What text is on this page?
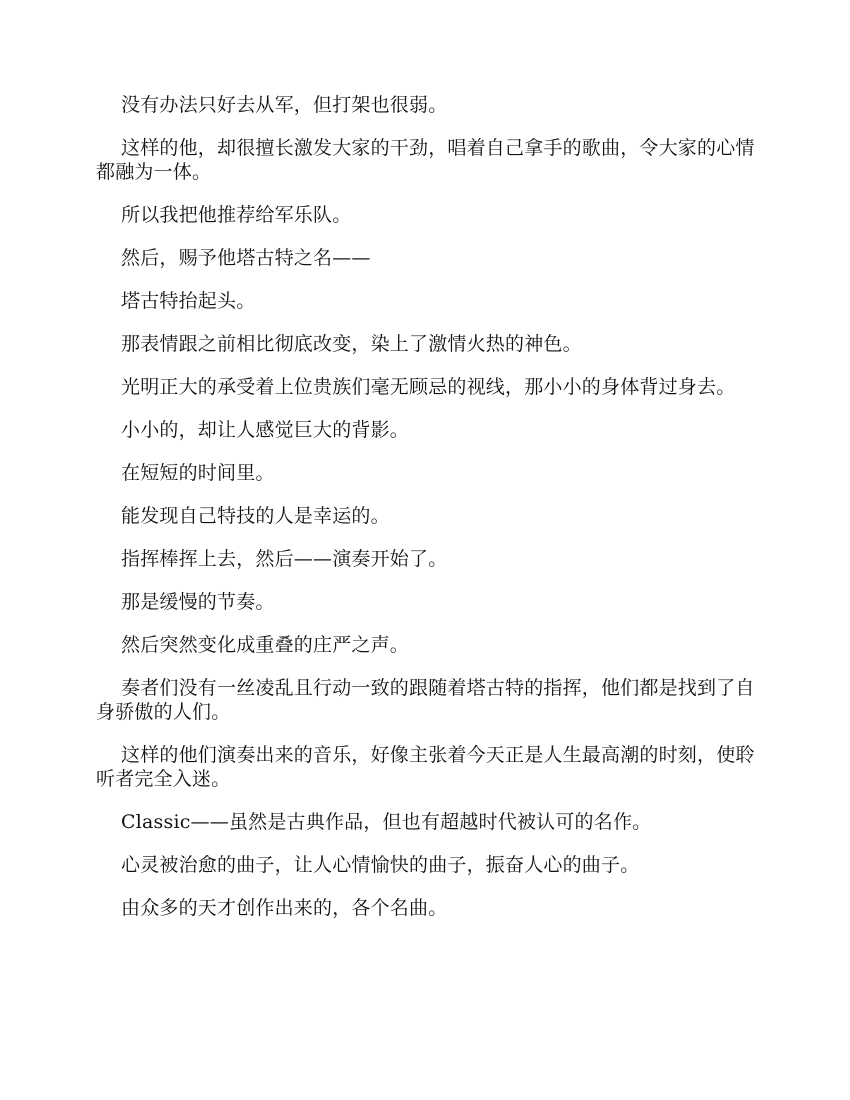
没有办法只好去从军，但打架也很弱。

这样的他，却很擅长激发大家的干劲，唱着自己拿手的歌曲，令大家的心情都融为一体。

所以我把他推荐给军乐队。

然后，赐予他塔古特之名——

塔古特抬起头。

那表情跟之前相比彻底改变，染上了激情火热的神色。

光明正大的承受着上位贵族们毫无顾忌的视线，那小小的身体背过身去。

小小的，却让人感觉巨大的背影。

在短短的时间里。

能发现自己特技的人是幸运的。

指挥棒挥上去，然后——演奏开始了。

那是缓慢的节奏。

然后突然变化成重叠的庄严之声。

奏者们没有一丝凌乱且行动一致的跟随着塔古特的指挥，他们都是找到了自身骄傲的人们。

这样的他们演奏出来的音乐，好像主张着今天正是人生最高潮的时刻，使聆听者完全入迷。

Classic——虽然是古典作品，但也有超越时代被认可的名作。

心灵被治愈的曲子，让人心情愉快的曲子，振奋人心的曲子。

由众多的天才创作出来的，各个名曲。
